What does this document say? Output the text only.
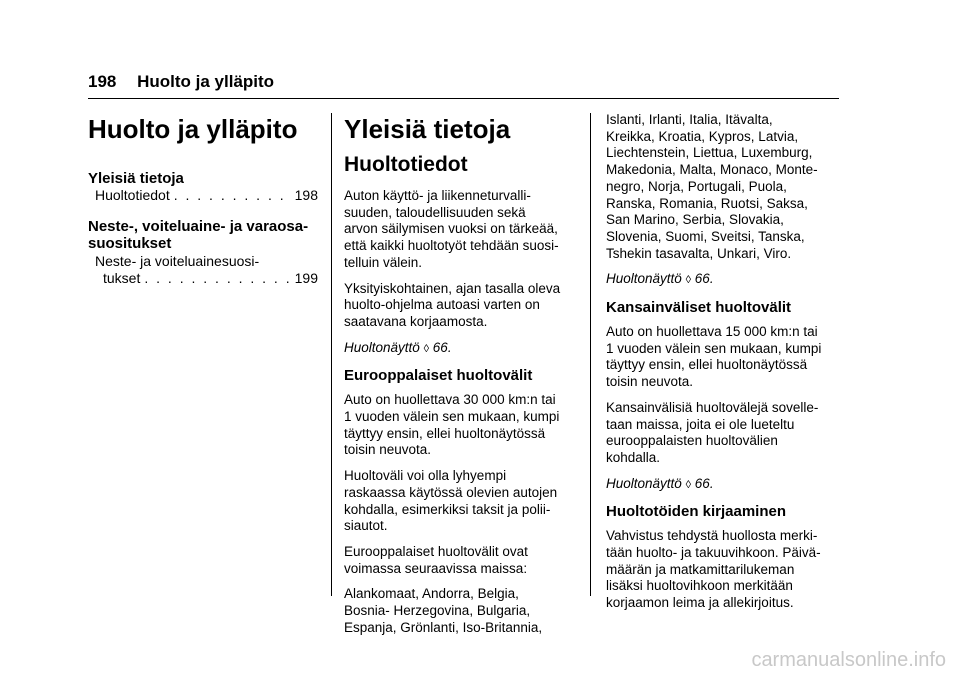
198 Huolto ja ylläpito
Huolto ja ylläpito
Yleisiä tietoja
Huoltotiedot . . .	198
Neste-, voiteluaine- ja varaosa-
suositukset
Neste- ja voiteluainesuosi-
tukset . . .	199
Yleisiä tietoja
Huoltotiedot
Auton käyttö- ja liikenneturvalli-
suuden, taloudellisuuden sekä
arvon säilymisen vuoksi on tärkeää,
että kaikki huoltotyöt tehdään suosi-
telluin välein.
Yksityiskohtainen, ajan tasalla oleva
huolto-ohjelma autoasi varten on
saatavana korjaamosta.
Huoltonäyttö ◊ 66.
Eurooppalaiset huoltovälit
Auto on huollettava 30 000 km:n tai
1 vuoden välein sen mukaan, kumpi
täyttyy ensin, ellei huoltonäytössä
toisin neuvota.
Huoltoväli voi olla lyhyempi
raskaassa käytössä olevien autojen
kohdalla, esimerkiksi taksit ja polii-
siautot.
Eurooppalaiset huoltovälit ovat
voimassa seuraavissa maissa:
Alankomaat, Andorra, Belgia,
Bosnia- Herzegovina, Bulgaria,
Espanja, Grönlanti, Iso-Britannia,
Islanti, Irlanti, Italia, Itävalta,
Kreikka, Kroatia, Kypros, Latvia,
Liechtenstein, Liettua, Luxemburg,
Makedonia, Malta, Monaco, Monte-
negro, Norja, Portugali, Puola,
Ranska, Romania, Ruotsi, Saksa,
San Marino, Serbia, Slovakia,
Slovenia, Suomi, Sveitsi, Tanska,
Tshekin tasavalta, Unkari, Viro.
Huoltonäyttö ◊ 66.
Kansainväliset huoltovälit
Auto on huollettava 15 000 km:n tai
1 vuoden välein sen mukaan, kumpi
täyttyy ensin, ellei huoltonäytössä
toisin neuvota.
Kansainvälisiä huoltovälejä sovelle-
taan maissa, joita ei ole lueteltu
eurooppalaisten huoltovälien
kohdalla.
Huoltonäyttö ◊ 66.
Huoltotöiden kirjaaminen
Vahvistus tehdystä huollosta merki-
tään huolto- ja takuuvihkoon. Päivä-
määrän ja matkamittarilukeman
lisäksi huoltovihkoon merkitään
korjaamon leima ja allekirjoitus.
carmanualsonline.info
